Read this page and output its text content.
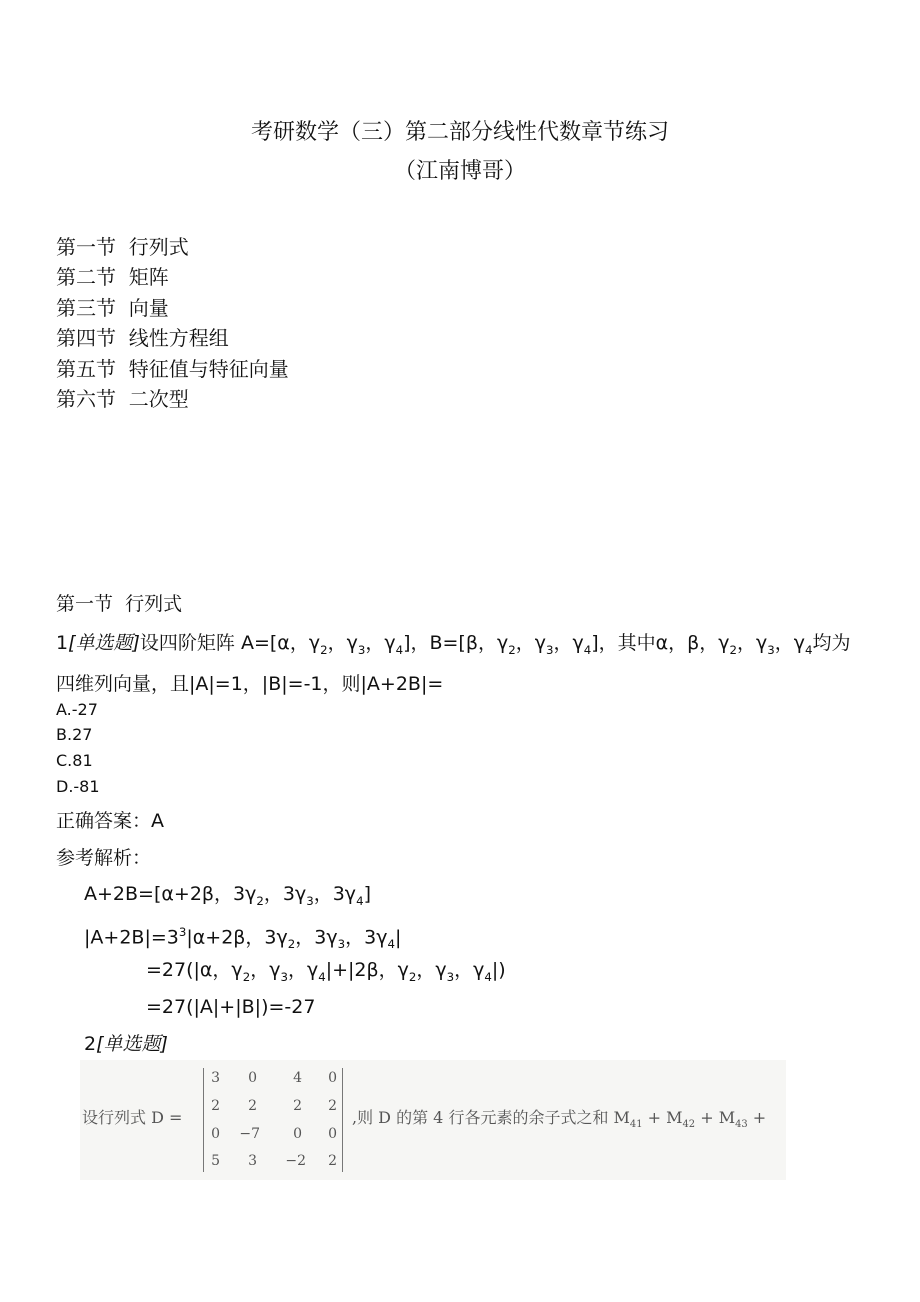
考研数学（三）第二部分线性代数章节练习
（江南博哥）
第一节  行列式
第二节  矩阵
第三节  向量
第四节  线性方程组
第五节  特征值与特征向量
第六节  二次型
第一节  行列式
1[单选题]设四阶矩阵 A=[α，$\gamma_2$，$\gamma_3$，$\gamma_4$]，B=[β，$\gamma_2$，$\gamma_3$，$\gamma_4$]，其中α，β，$\gamma_2$，$\gamma_3$，$\gamma_4$均为四维列向量，且|A|=1，|B|=-1，则|A+2B|=
A.-27
B.27
C.81
D.-81
正确答案：A
参考解析：
A+2B=[α+2β，$3\gamma_2$，$3\gamma_3$，$3\gamma_4$]
$|A+2B|=3^3|\alpha+2\beta$，$3\gamma_2$，$3\gamma_3$，$3\gamma_4|$
=27(|α，$\gamma_2$，$\gamma_3$，$\gamma_4|+|2\beta$，$\gamma_2$，$\gamma_3$，$\gamma_4|$)
=27(|A|+|B|)=-27
2[单选题]
设行列式 D =
3	0	4	0
2	2	2	2
0	−7	0	0
5	3	−2	2
,则 D 的第 4 行各元素的余子式之和 $M_{41} + M_{42} + M_{43}$ +
